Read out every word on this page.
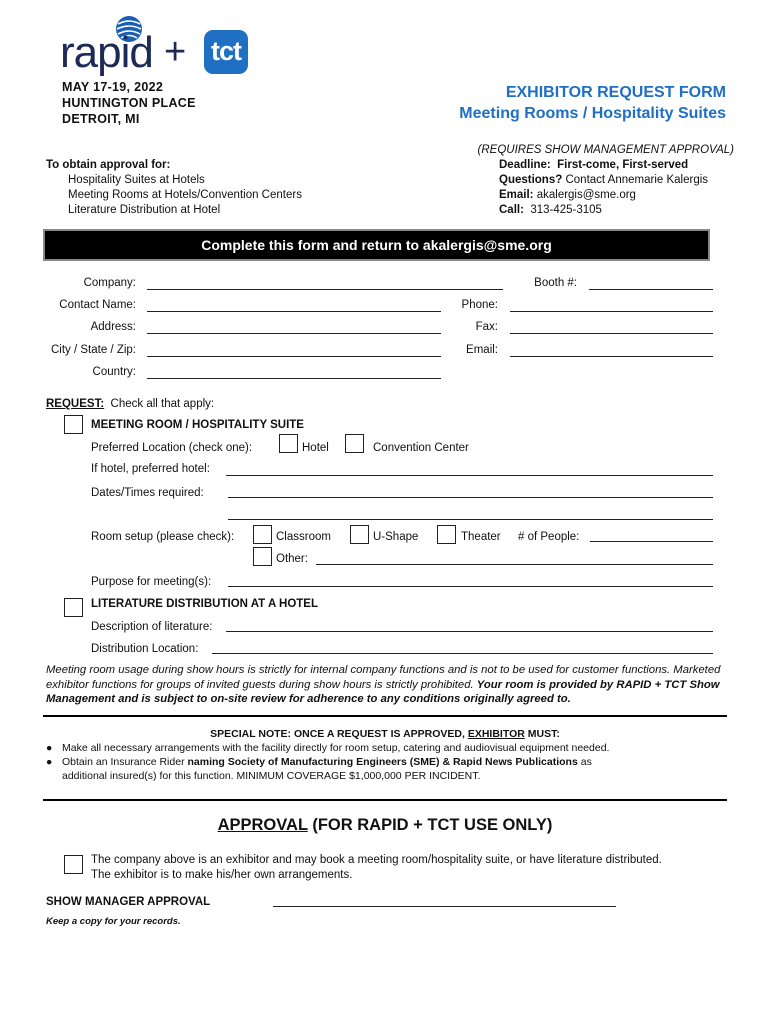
rapid + tct
MAY 17-19, 2022
HUNTINGTON PLACE
DETROIT, MI
EXHIBITOR REQUEST FORM
Meeting Rooms / Hospitality Suites
(REQUIRES SHOW MANAGEMENT APPROVAL)
To obtain approval for:
Hospitality Suites at Hotels
Meeting Rooms at Hotels/Convention Centers
Literature Distribution at Hotel
Deadline: First-come, First-served
Questions? Contact Annemarie Kalergis
Email: akalergis@sme.org
Call: 313-425-3105
Complete this form and return to akalergis@sme.org
Company:	Booth #:
Contact Name:	Phone:
Address:	Fax:
City / State / Zip:	Email:
Country:
REQUEST: Check all that apply:
MEETING ROOM / HOSPITALITY SUITE
Preferred Location (check one):	Hotel	Convention Center
If hotel, preferred hotel:
Dates/Times required:
Room setup (please check):	Classroom	U-Shape	Theater # of People:
Other:
Purpose for meeting(s):
LITERATURE DISTRIBUTION AT A HOTEL
Description of literature:
Distribution Location:
Meeting room usage during show hours is strictly for internal company functions and is not to be used for customer functions. Marketed exhibitor functions for groups of invited guests during show hours is strictly prohibited. Your room is provided by RAPID + TCT Show Management and is subject to on-site review for adherence to any conditions originally agreed to.
SPECIAL NOTE: ONCE A REQUEST IS APPROVED, EXHIBITOR MUST:
● Make all necessary arrangements with the facility directly for room setup, catering and audiovisual equipment needed.
● Obtain an Insurance Rider naming Society of Manufacturing Engineers (SME) & Rapid News Publications as
additional insured(s) for this function. MINIMUM COVERAGE $1,000,000 PER INCIDENT.
APPROVAL (FOR RAPID + TCT USE ONLY)
The company above is an exhibitor and may book a meeting room/hospitality suite, or have literature distributed.
The exhibitor is to make his/her own arrangements.
SHOW MANAGER APPROVAL
Keep a copy for your records.
